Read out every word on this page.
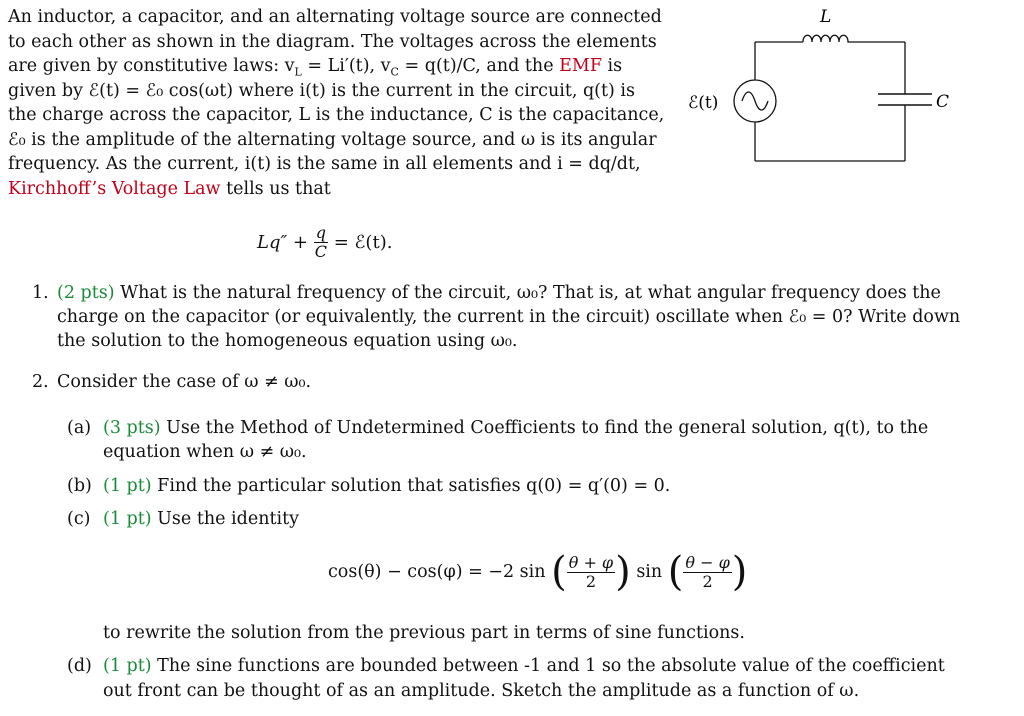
An inductor, a capacitor, and an alternating voltage source are connected
to each other as shown in the diagram. The voltages across the elements
are given by constitutive laws: $v_L = Li'(t)$, $v_C = q(t)/C$, and the EMF is
given by ℰ(t) = ℰ₀ cos(ωt) where i(t) is the current in the circuit, q(t) is
the charge across the capacitor, L is the inductance, C is the capacitance,
ℰ₀ is the amplitude of the alternating voltage source, and ω is its angular
frequency. As the current, i(t) is the same in all elements and i = dq/dt,
Kirchhoff’s Voltage Law tells us that
L
C
ℰ(t)
$Lq'' + \frac{q}{C}$ = ℰ(t).
1. (2 pts) What is the natural frequency of the circuit, ω₀? That is, at what angular frequency does the
charge on the capacitor (or equivalently, the current in the circuit) oscillate when ℰ₀ = 0? Write down
the solution to the homogeneous equation using ω₀.
2. Consider the case of ω ≠ ω₀.
(a) (3 pts) Use the Method of Undetermined Coefficients to find the general solution, q(t), to the
equation when ω ≠ ω₀.
(b) (1 pt) Find the particular solution that satisfies q(0) = q′(0) = 0.
(c) (1 pt) Use the identity
cos(θ) − cos(φ) = −2 sin ( $\frac{\theta + \varphi}{2}$ ) sin ( $\frac{\theta - \varphi}{2}$ )
to rewrite the solution from the previous part in terms of sine functions.
(d) (1 pt) The sine functions are bounded between -1 and 1 so the absolute value of the coefficient
out front can be thought of as an amplitude. Sketch the amplitude as a function of ω.
